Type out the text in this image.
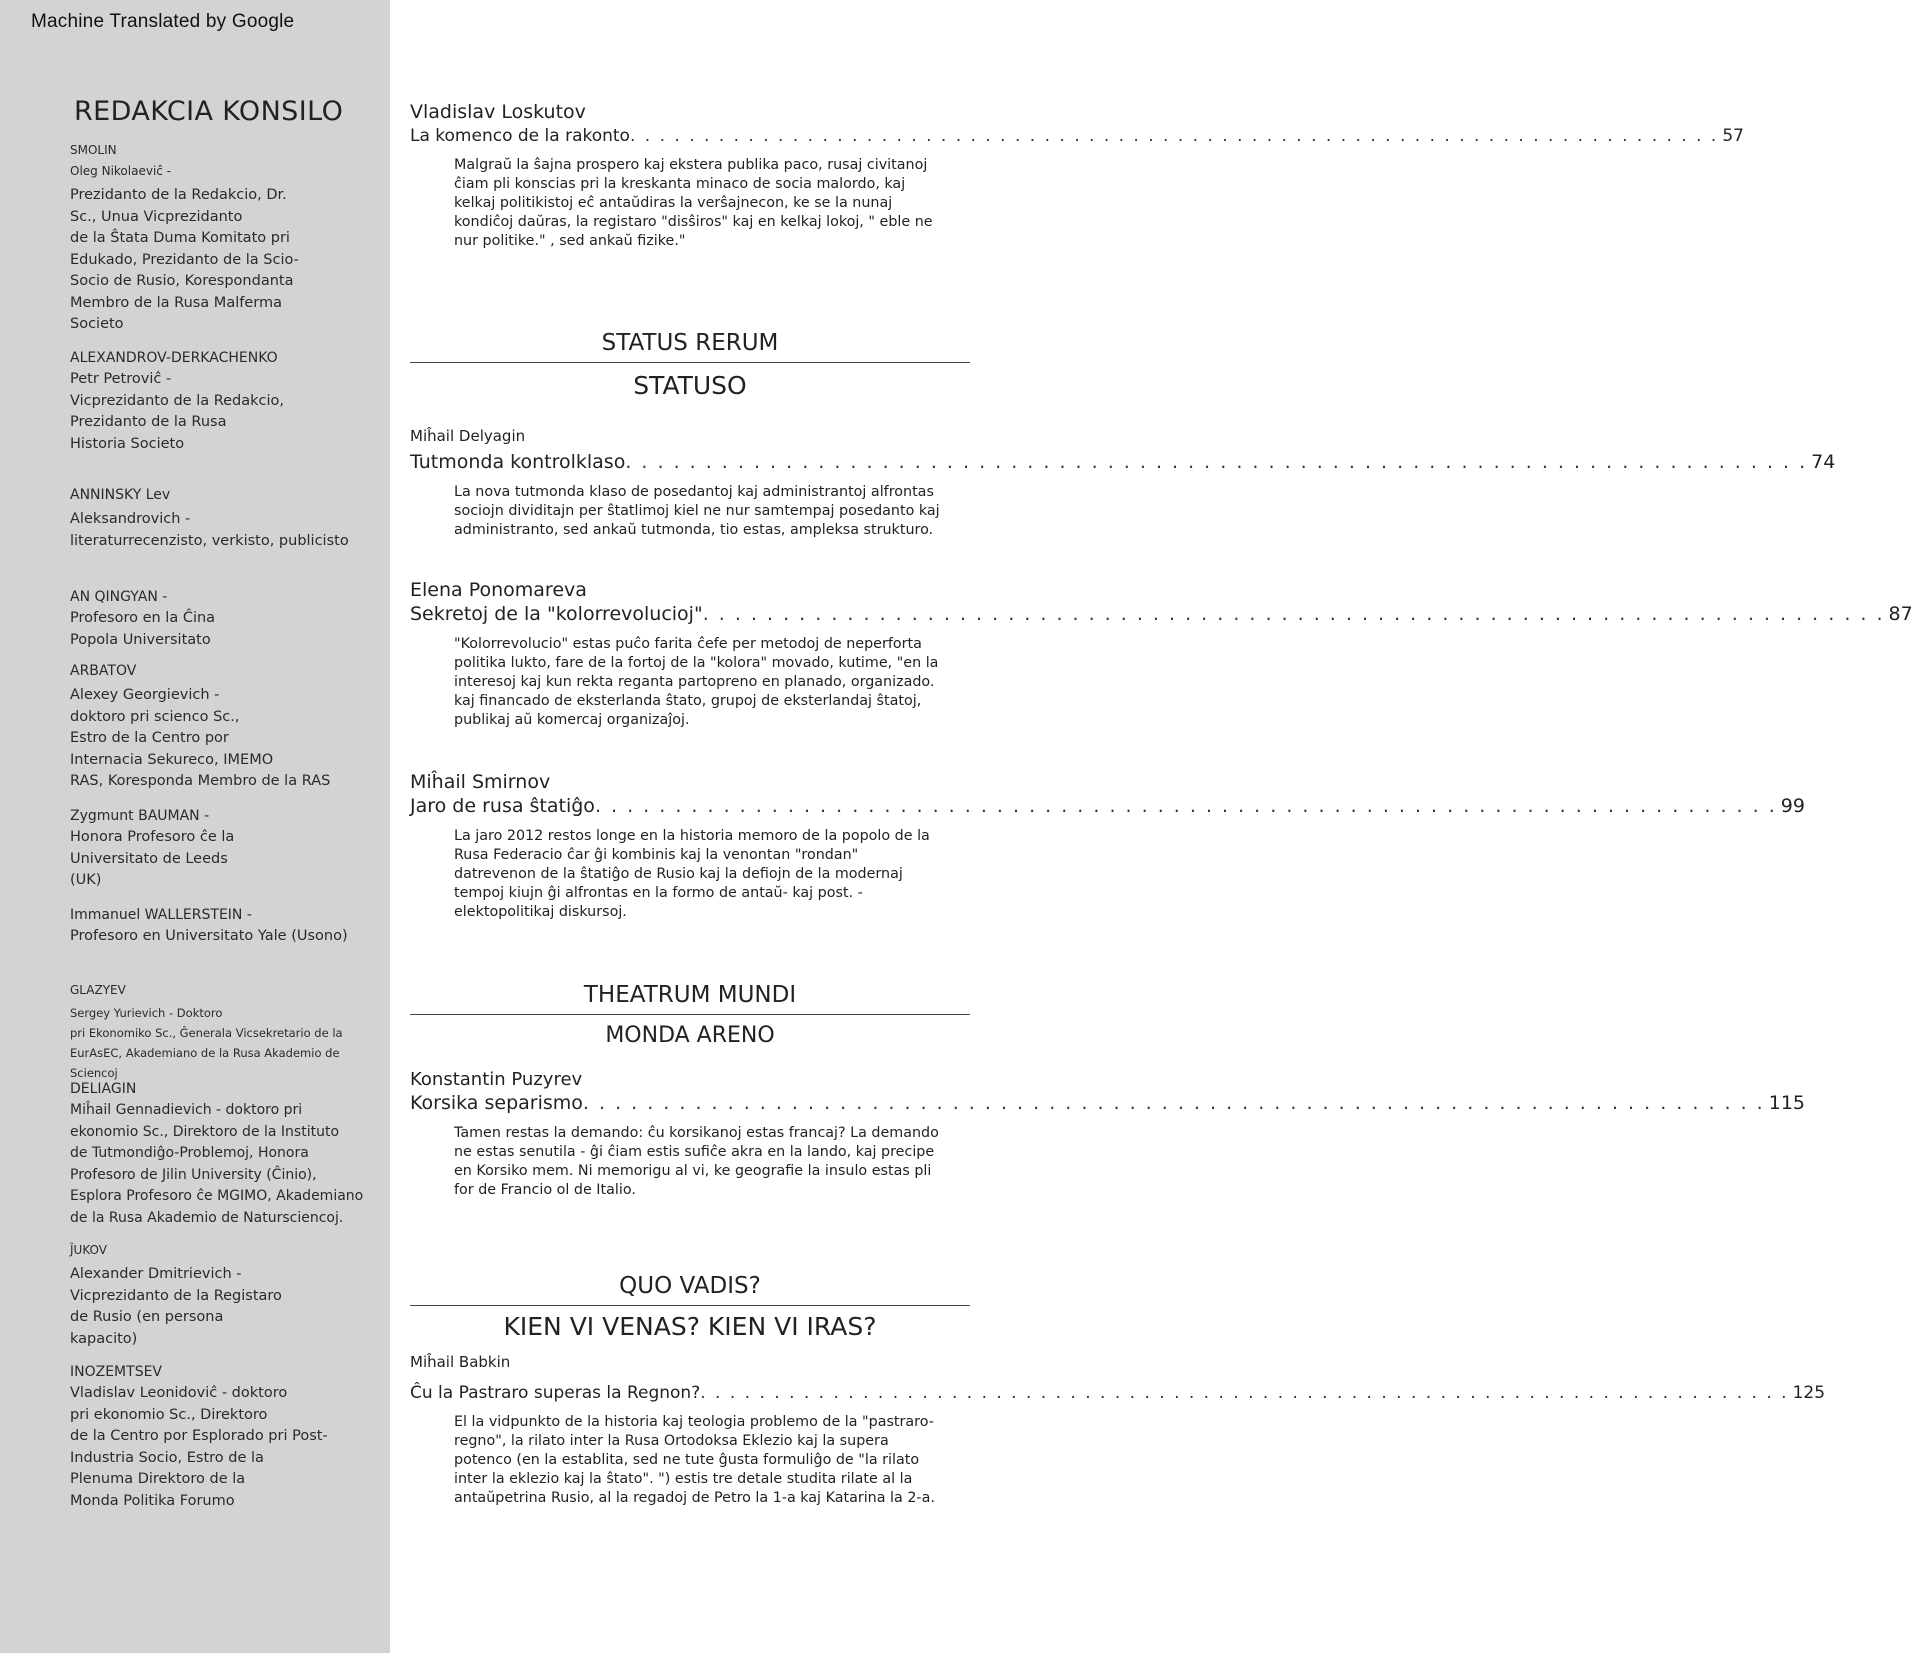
Machine Translated by Google
REDAKCIA KONSILO
SMOLIN
Oleg Nikolaeviĉ -
Prezidanto de la Redakcio, Dr.
Sc., Unua Vicprezidanto
de la Ŝtata Duma Komitato pri
Edukado, Prezidanto de la Scio-
Socio de Rusio, Korespondanta
Membro de la Rusa Malferma
Societo
ALEXANDROV-DERKACHENKO
Petr Petroviĉ -
Vicprezidanto de la Redakcio,
Prezidanto de la Rusa
Historia Societo
ANNINSKY Lev
Aleksandrovich -
literaturrecenzisto, verkisto, publicisto
AN QINGYAN -
Profesoro en la Ĉina
Popola Universitato
ARBATOV
Alexey Georgievich -
doktoro pri scienco Sc.,
Estro de la Centro por
Internacia Sekureco, IMEMO
RAS, Koresponda Membro de la RAS
Zygmunt BAUMAN -
Honora Profesoro ĉe la
Universitato de Leeds
(UK)
Immanuel WALLERSTEIN -
Profesoro en Universitato Yale (Usono)
GLAZYEV
Sergey Yurievich - Doktoro
pri Ekonomiko Sc., Ĝenerala Vicsekretario de la
EurAsEC, Akademiano de la Rusa Akademio de Sciencoj
DELIAGIN
Miĥail Gennadievich - doktoro pri
ekonomio Sc., Direktoro de la Instituto
de Tutmondiĝo-Problemoj, Honora
Profesoro de Jilin University (Ĉinio),
Esplora Profesoro ĉe MGIMO, Akademiano
de la Rusa Akademio de Natursciencoj.
ĴUKOV
Alexander Dmitrievich -
Vicprezidanto de la Registaro
de Rusio (en persona
kapacito)
INOZEMTSEV
Vladislav Leonidoviĉ - doktoro
pri ekonomio Sc., Direktoro
de la Centro por Esplorado pri Post-
Industria Socio, Estro de la
Plenuma Direktoro de la
Monda Politika Forumo
Vladislav Loskutov
La komenco de la rakonto . . . . . . . . . . . . . . . . . . . . . . . . . . . . . . . . . . . . . . . . . . . . . . . . . . . . . . . . . . . . . . . . . . . . . . . . . . 57
Malgraŭ la ŝajna prospero kaj ekstera publika paco, rusaj civitanoj ĉiam pli konscias pri la kreskanta minaco de socia malordo, kaj kelkaj politikistoj eĉ antaŭdiras la verŝajnecon, ke se la nunaj kondiĉoj daŭras, la registaro "disŝiros" kaj en kelkaj lokoj, " eble ne nur politike." , sed ankaŭ fizike."
STATUS RERUM
STATUSO
Miĥail Delyagin
Tutmonda kontrolklaso . . . . . . . . . . . . . . . . . . . . . . . . . . . . . . . . . . . . . . . . . . . . . . . . . . . . . . . . . . . . . . . . . . . . . . . . . . 74
La nova tutmonda klaso de posedantoj kaj administrantoj alfrontas sociojn dividitajn per ŝtatlimoj kiel ne nur samtempaj posedanto kaj administranto, sed ankaŭ tutmonda, tio estas, ampleksa strukturo.
Elena Ponomareva
Sekretoj de la "kolorrevolucioj" . . . . . . . . . . . . . . . . . . . . . . . . . . . . . . . . . . . . . . . . . . . . . . . . . . . . . . . . . . . . . . . . . . . . . . . . . . 87
"Kolorrevolucio" estas puĉo farita ĉefe per metodoj de neperforta politika lukto, fare de la fortoj de la "kolora" movado, kutime, "en la interesoj kaj kun rekta reganta partopreno en planado, organizado. kaj financado de eksterlanda ŝtato, grupoj de eksterlandaj ŝtatoj, publikaj aŭ komercaj organizaĵoj.
Miĥail Smirnov
Jaro de rusa ŝtatiĝo . . . . . . . . . . . . . . . . . . . . . . . . . . . . . . . . . . . . . . . . . . . . . . . . . . . . . . . . . . . . . . . . . . . . . . . . . . 99
La jaro 2012 restos longe en la historia memoro de la popolo de la Rusa Federacio ĉar ĝi kombinis kaj la venontan "rondan" datrevenon de la ŝtatiĝo de Rusio kaj la defiojn de la modernaj tempoj kiujn ĝi alfrontas en la formo de antaŭ- kaj post. -elektopolitikaj diskursoj.
THEATRUM MUNDI
MONDA ARENO
Konstantin Puzyrev
Korsika separismo . . . . . . . . . . . . . . . . . . . . . . . . . . . . . . . . . . . . . . . . . . . . . . . . . . . . . . . . . . . . . . . . . . . . . . . . . . 115
Tamen restas la demando: ĉu korsikanoj estas francaj? La demando ne estas senutila - ĝi ĉiam estis sufiĉe akra en la lando, kaj precipe en Korsiko mem. Ni memorigu al vi, ke geografie la insulo estas pli for de Francio ol de Italio.
QUO VADIS?
KIEN VI VENAS? KIEN VI IRAS?
Miĥail Babkin
Ĉu la Pastraro superas la Regnon? . . . . . . . . . . . . . . . . . . . . . . . . . . . . . . . . . . . . . . . . . . . . . . . . . . . . . . . . . . . . . . . . . . . . . . . . . . 125
El la vidpunkto de la historia kaj teologia problemo de la "pastraro-regno", la rilato inter la Rusa Ortodoksa Eklezio kaj la supera potenco (en la establita, sed ne tute ĝusta formuliĝo de "la rilato inter la eklezio kaj la ŝtato". ") estis tre detale studita rilate al la antaŭpetrina Rusio, al la regadoj de Petro la 1-a kaj Katarina la 2-a.
